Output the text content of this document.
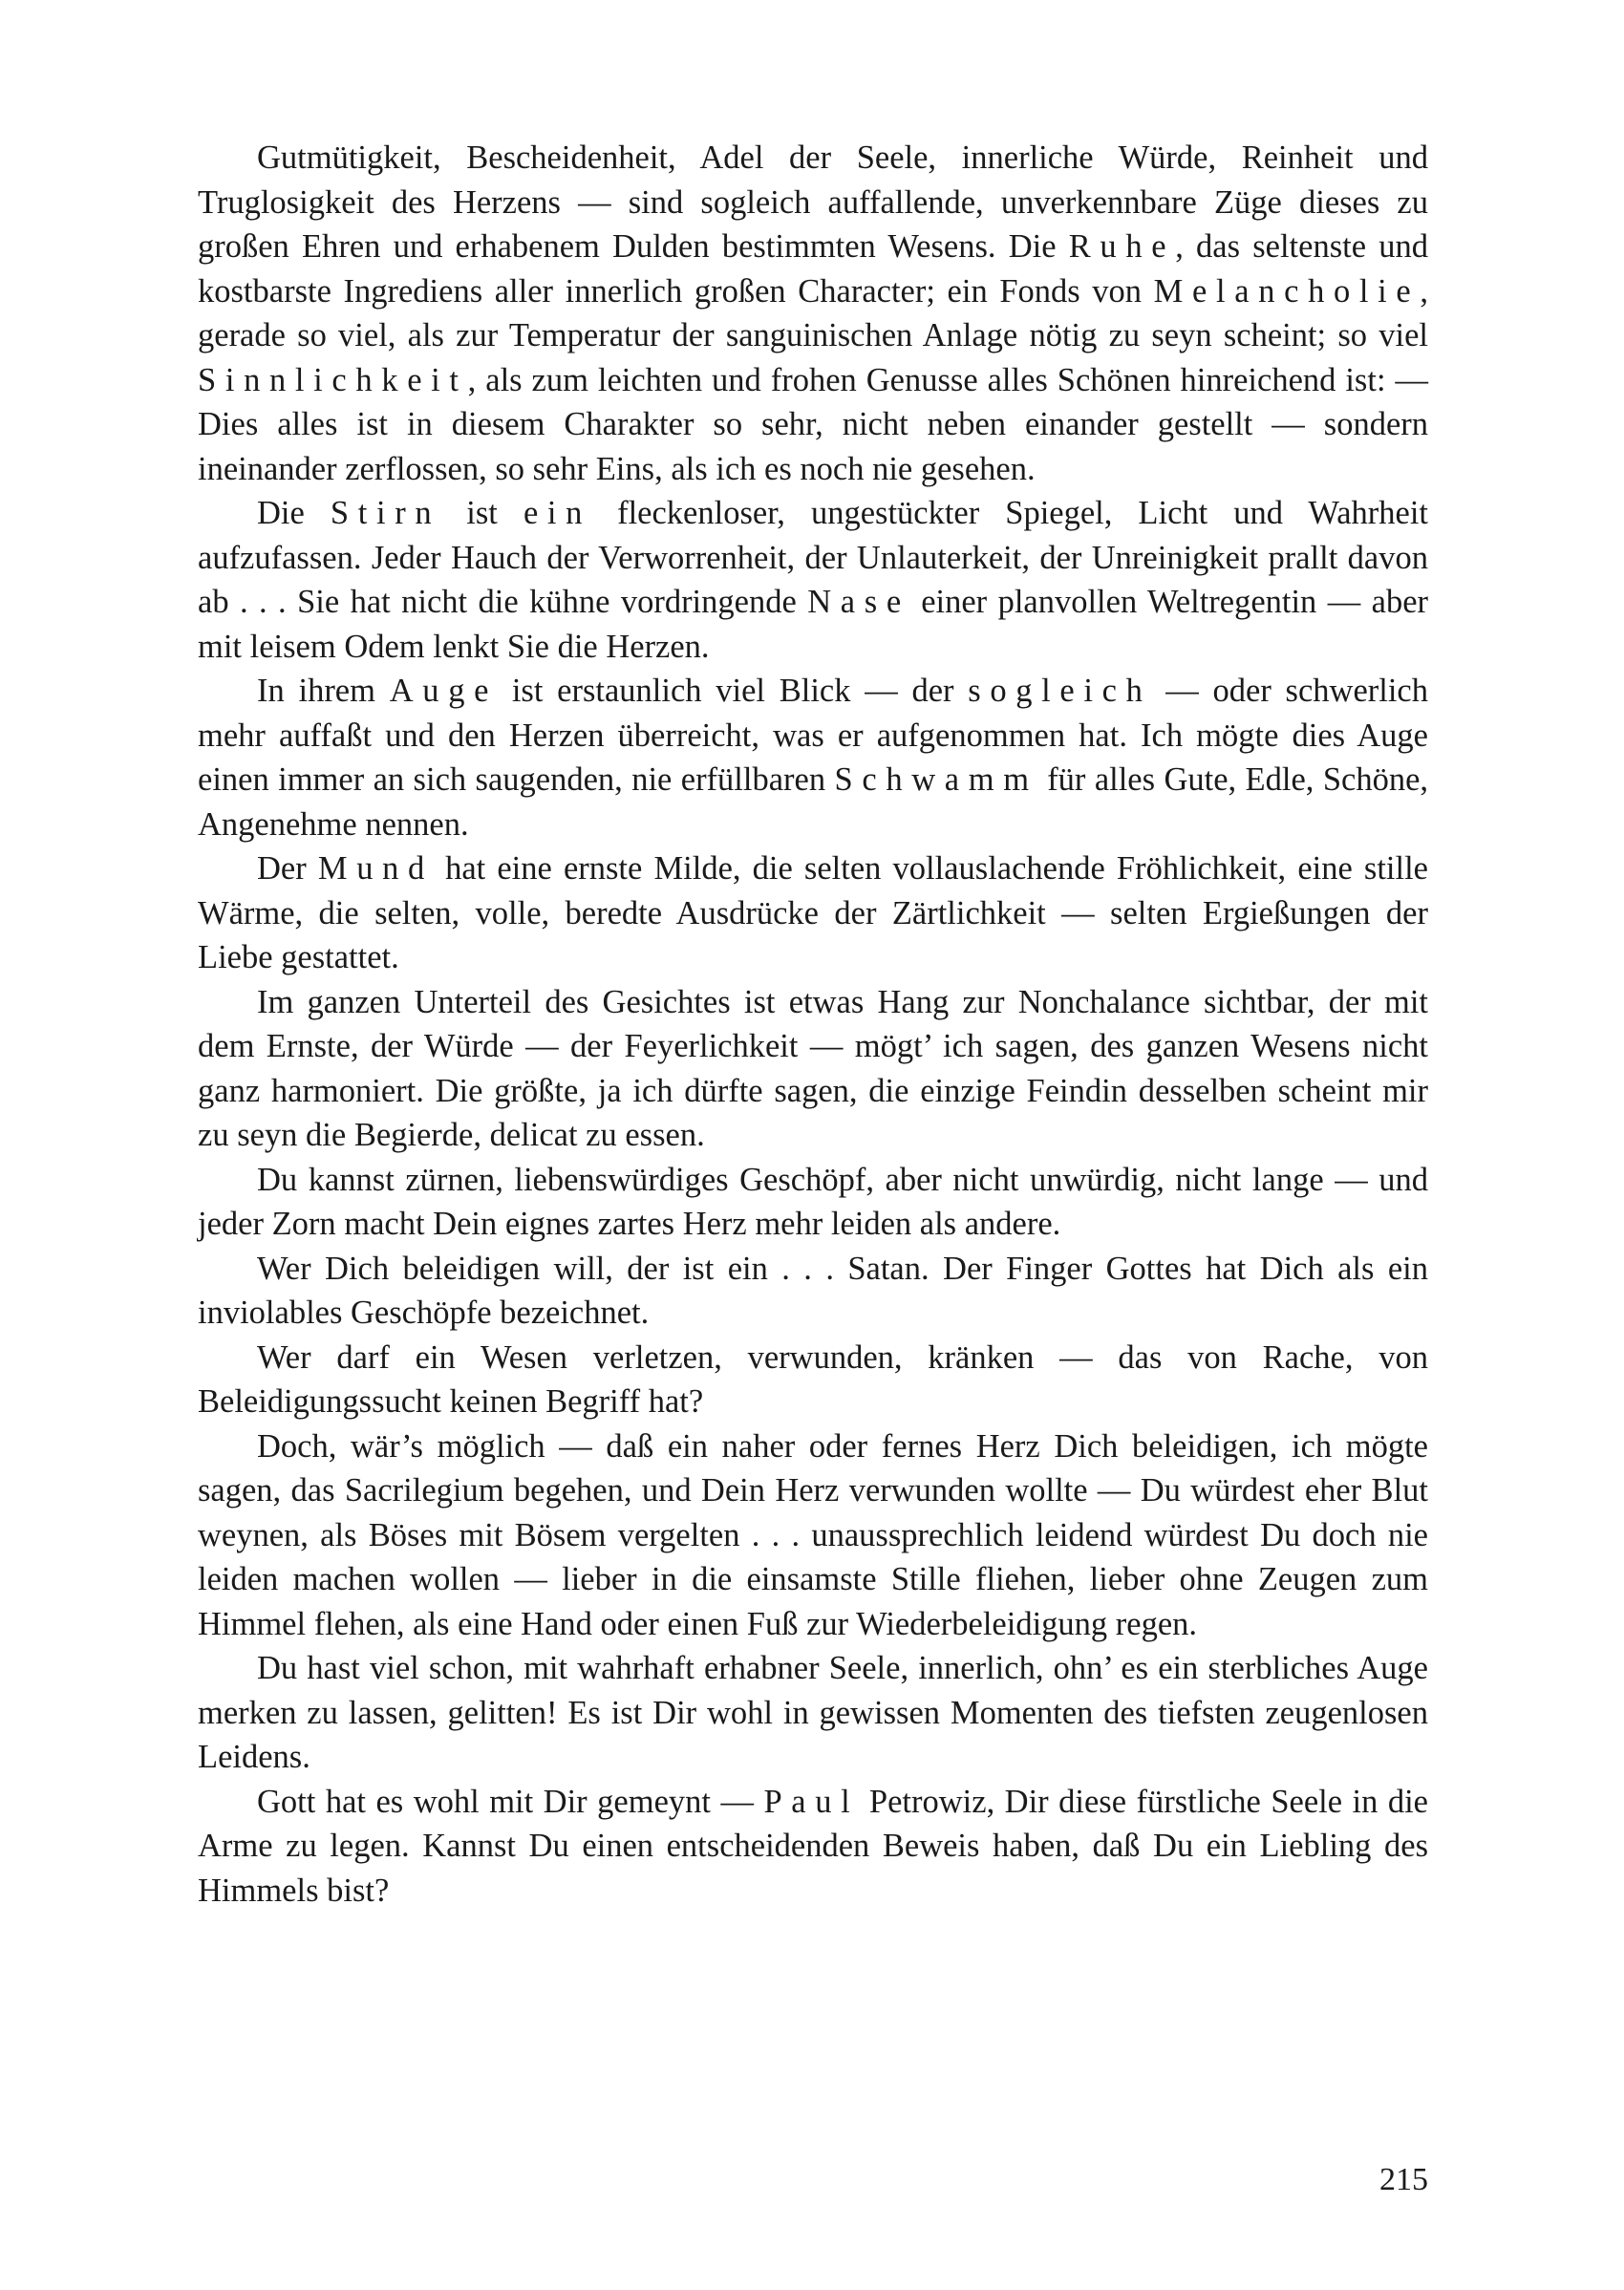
Gutmütigkeit, Bescheidenheit, Adel der Seele, innerliche Würde, Reinheit und Truglosigkeit des Herzens — sind sogleich auffallende, unverkennbare Züge dieses zu großen Ehren und erhabenem Dulden bestimmten Wesens. Die Ruhe, das seltenste und kostbarste Ingrediens aller innerlich großen Character; ein Fonds von Melancholie, gerade so viel, als zur Temperatur der sanguinischen Anlage nötig zu seyn scheint; so viel Sinnlichkeit, als zum leichten und frohen Genusse alles Schönen hinreichend ist: — Dies alles ist in diesem Charakter so sehr, nicht neben einander gestellt — sondern ineinander zerflossen, so sehr Eins, als ich es noch nie gesehen.

Die Stirn ist ein fleckenloser, ungestückter Spiegel, Licht und Wahrheit aufzufassen. Jeder Hauch der Verworrenheit, der Unlauterkeit, der Unreinigkeit prallt davon ab . . . Sie hat nicht die kühne vordringende Nase einer planvollen Weltregentin — aber mit leisem Odem lenkt Sie die Herzen.

In ihrem Auge ist erstaunlich viel Blick — der sogleich — oder schwerlich mehr auffaßt und den Herzen überreicht, was er aufgenommen hat. Ich mögte dies Auge einen immer an sich saugenden, nie erfüllbaren Schwamm für alles Gute, Edle, Schöne, Angenehme nennen.

Der Mund hat eine ernste Milde, die selten vollauslachende Fröhlichkeit, eine stille Wärme, die selten, volle, beredte Ausdrücke der Zärtlichkeit — selten Ergießungen der Liebe gestattet.

Im ganzen Unterteil des Gesichtes ist etwas Hang zur Nonchalance sichtbar, der mit dem Ernste, der Würde — der Feyerlichkeit — mögt’ ich sagen, des ganzen Wesens nicht ganz harmoniert. Die größte, ja ich dürfte sagen, die einzige Feindin desselben scheint mir zu seyn die Begierde, delicat zu essen.

Du kannst zürnen, liebenswürdiges Geschöpf, aber nicht unwürdig, nicht lange — und jeder Zorn macht Dein eignes zartes Herz mehr leiden als andere.

Wer Dich beleidigen will, der ist ein . . . Satan. Der Finger Gottes hat Dich als ein inviolables Geschöpfe bezeichnet.

Wer darf ein Wesen verletzen, verwunden, kränken — das von Rache, von Beleidigungssucht keinen Begriff hat?

Doch, wär’s möglich — daß ein naher oder fernes Herz Dich beleidigen, ich mögte sagen, das Sacrilegium begehen, und Dein Herz verwunden wollte — Du würdest eher Blut weynen, als Böses mit Bösem vergelten . . . unaussprechlich leidend würdest Du doch nie leiden machen wollen — lieber in die einsamste Stille fliehen, lieber ohne Zeugen zum Himmel flehen, als eine Hand oder einen Fuß zur Wiederbeleidigung regen.

Du hast viel schon, mit wahrhaft erhabner Seele, innerlich, ohn’ es ein sterbliches Auge merken zu lassen, gelitten! Es ist Dir wohl in gewissen Momenten des tiefsten zeugenlosen Leidens.

Gott hat es wohl mit Dir gemeynt — Paul Petrowiz, Dir diese fürstliche Seele in die Arme zu legen. Kannst Du einen entscheidenden Beweis haben, daß Du ein Liebling des Himmels bist?

215
